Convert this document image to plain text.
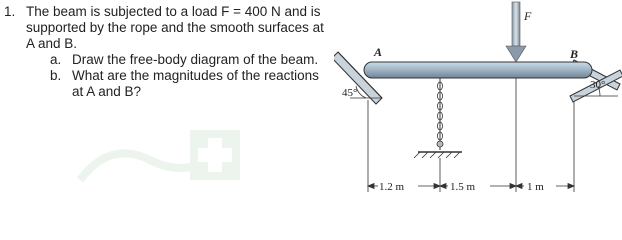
1. The beam is subjected to a load F = 400 N and is supported by the rope and the smooth surfaces at A and B.
a. Draw the free-body diagram of the beam.
b. What are the magnitudes of the reactions at A and B?	45°
30°
A	B
F
1.2 m	1.5 m	1 m
